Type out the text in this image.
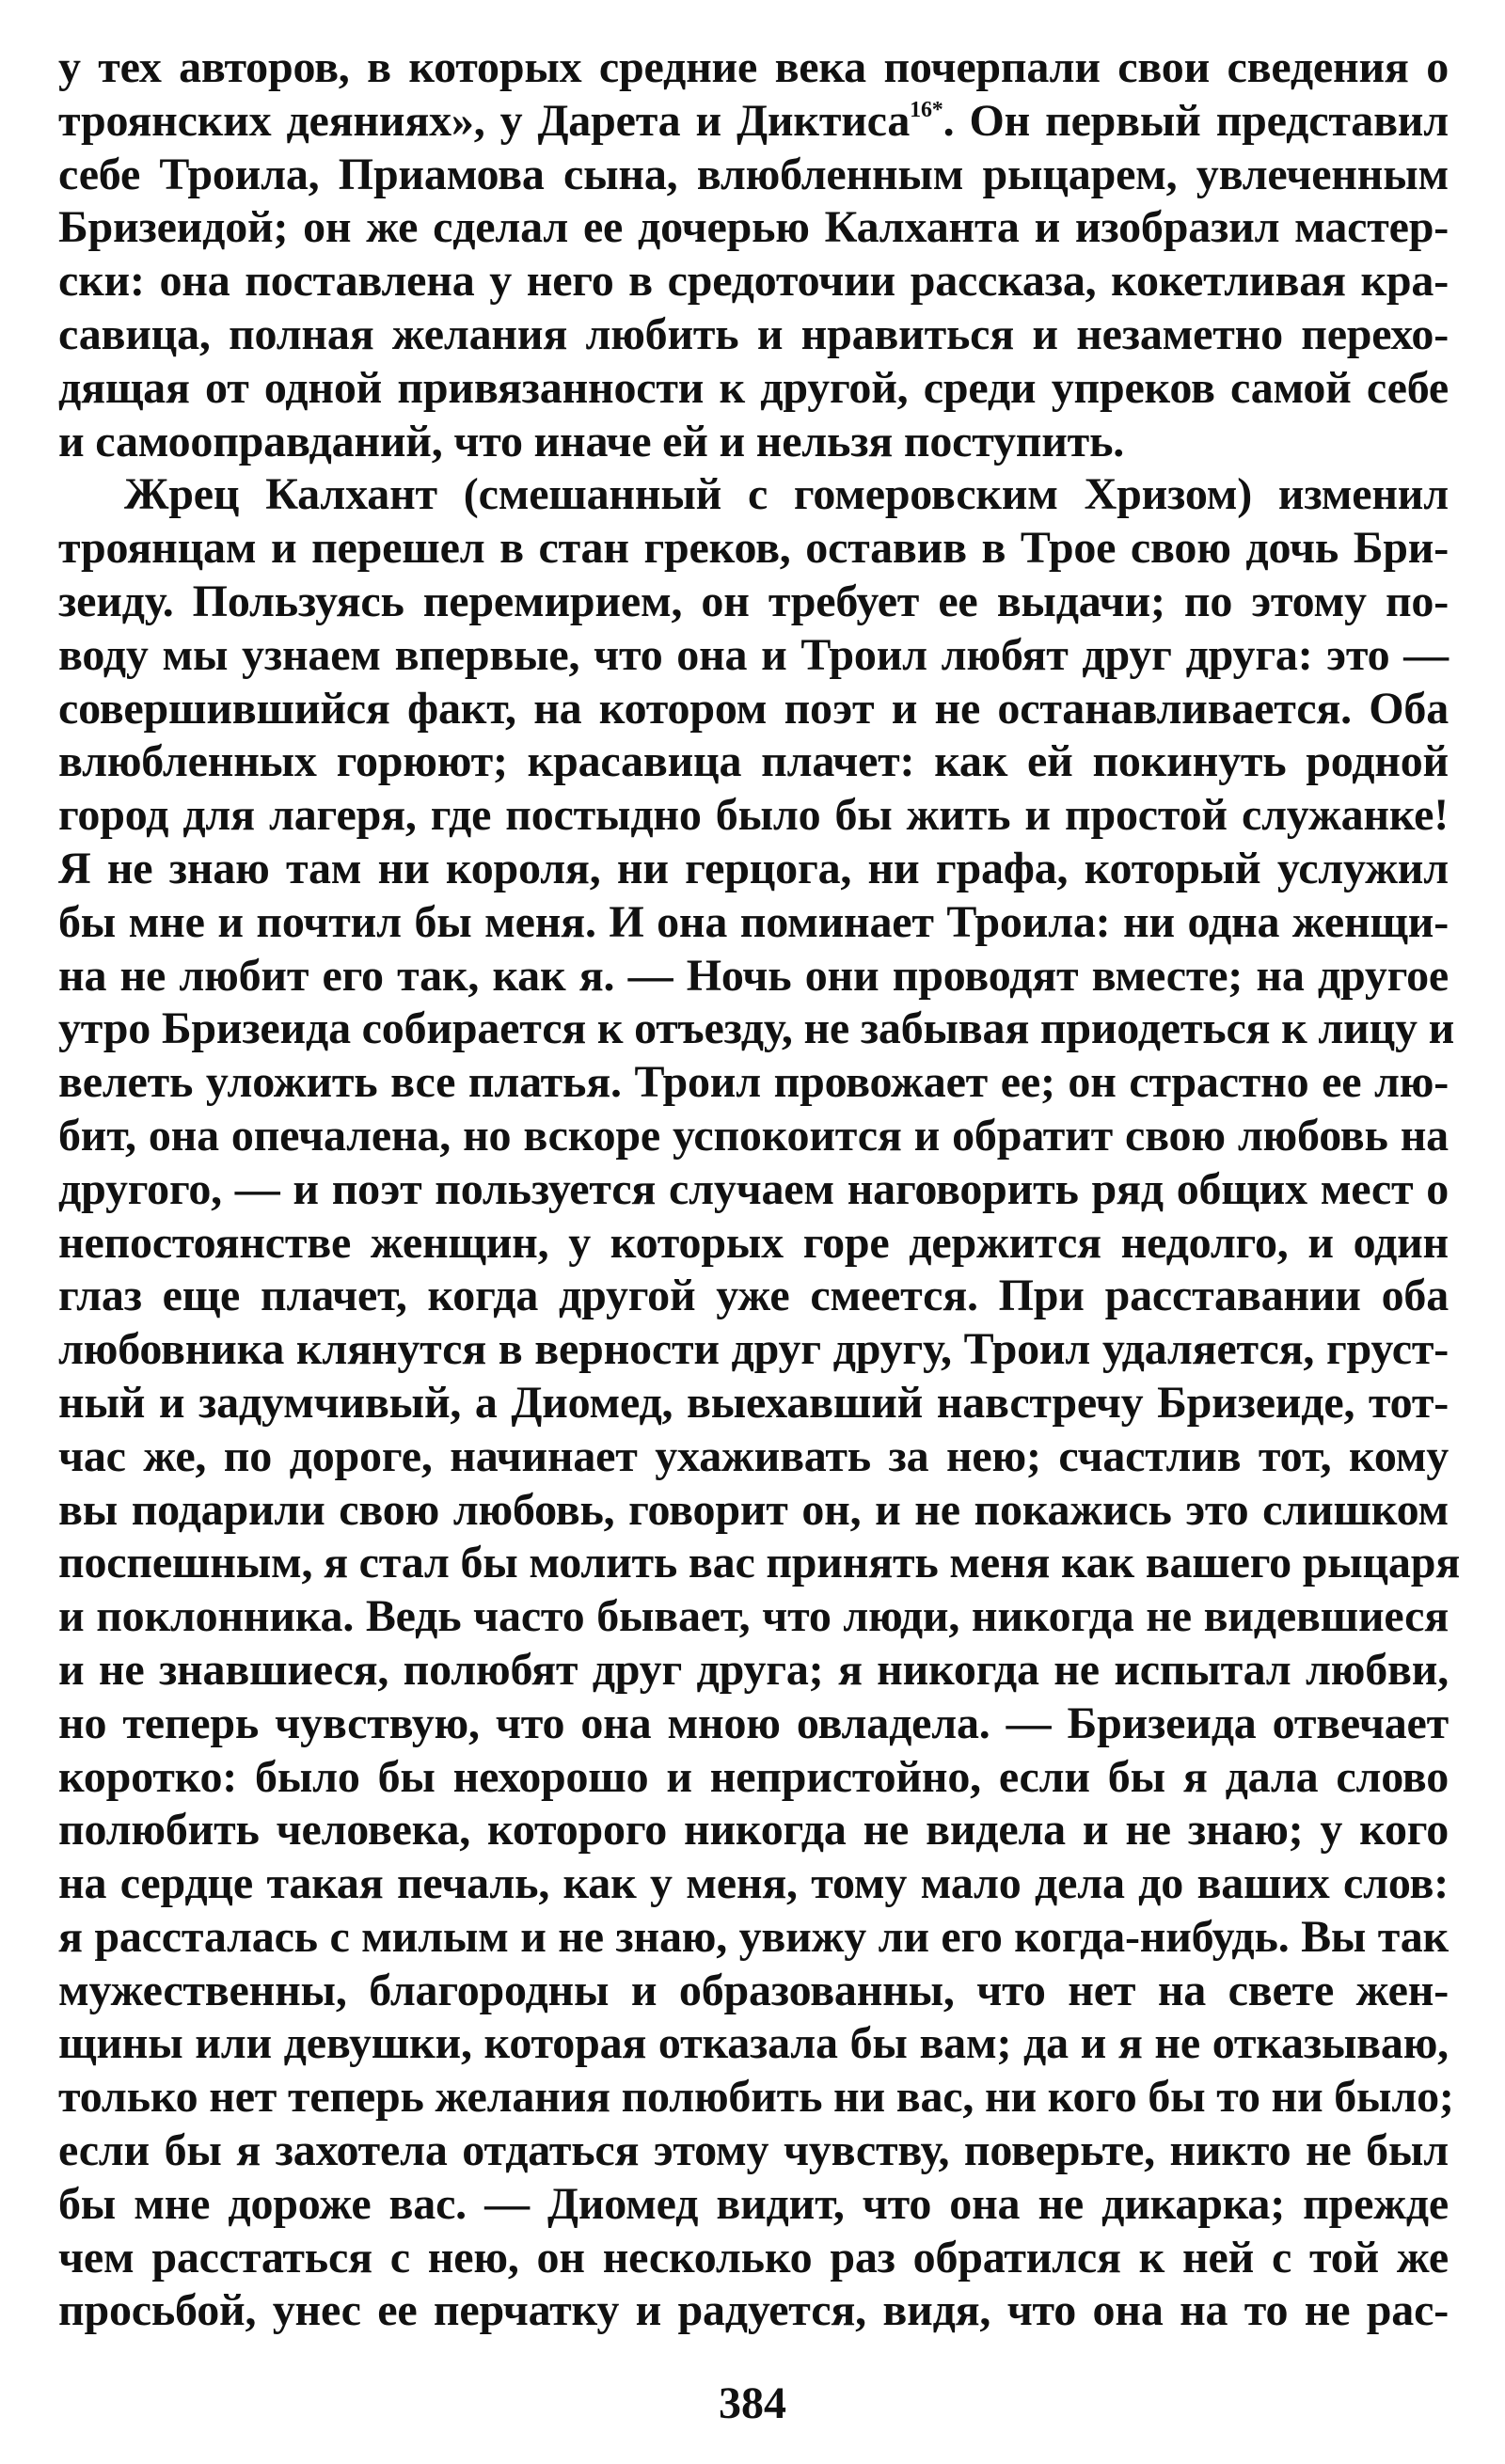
у тех авторов, в которых средние века почерпали свои сведения о
троянских деяниях», у Дарета и Диктиса$^{16*}$. Он первый представил
себе Троила, Приамова сына, влюбленным рыцарем, увлеченным
Бризеидой; он же сделал ее дочерью Калханта и изобразил мастер-
ски: она поставлена у него в средоточии рассказа, кокетливая кра-
савица, полная желания любить и нравиться и незаметно перехо-
дящая от одной привязанности к другой, среди упреков самой себе
и самооправданий, что иначе ей и нельзя поступить.
Жрец Калхант (смешанный с гомеровским Хризом) изменил
троянцам и перешел в стан греков, оставив в Трое свою дочь Бри-
зеиду. Пользуясь перемирием, он требует ее выдачи; по этому по-
воду мы узнаем впервые, что она и Троил любят друг друга: это —
совершившийся факт, на котором поэт и не останавливается. Оба
влюбленных горюют; красавица плачет: как ей покинуть родной
город для лагеря, где постыдно было бы жить и простой служанке!
Я не знаю там ни короля, ни герцога, ни графа, который услужил
бы мне и почтил бы меня. И она поминает Троила: ни одна женщи-
на не любит его так, как я. — Ночь они проводят вместе; на другое
утро Бризеида собирается к отъезду, не забывая приодеться к лицу и
велеть уложить все платья. Троил провожает ее; он страстно ее лю-
бит, она опечалена, но вскоре успокоится и обратит свою любовь на
другого, — и поэт пользуется случаем наговорить ряд общих мест о
непостоянстве женщин, у которых горе держится недолго, и один
глаз еще плачет, когда другой уже смеется. При расставании оба
любовника клянутся в верности друг другу, Троил удаляется, груст-
ный и задумчивый, а Диомед, выехавший навстречу Бризеиде, тот-
час же, по дороге, начинает ухаживать за нею; счастлив тот, кому
вы подарили свою любовь, говорит он, и не покажись это слишком
поспешным, я стал бы молить вас принять меня как вашего рыцаря
и поклонника. Ведь часто бывает, что люди, никогда не видевшиеся
и не знавшиеся, полюбят друг друга; я никогда не испытал любви,
но теперь чувствую, что она мною овладела. — Бризеида отвечает
коротко: было бы нехорошо и непристойно, если бы я дала слово
полюбить человека, которого никогда не видела и не знаю; у кого
на сердце такая печаль, как у меня, тому мало дела до ваших слов:
я рассталась с милым и не знаю, увижу ли его когда-нибудь. Вы так
мужественны, благородны и образованны, что нет на свете жен-
щины или девушки, которая отказала бы вам; да и я не отказываю,
только нет теперь желания полюбить ни вас, ни кого бы то ни было;
если бы я захотела отдаться этому чувству, поверьте, никто не был
бы мне дороже вас. — Диомед видит, что она не дикарка; прежде
чем расстаться с нею, он несколько раз обратился к ней с той же
просьбой, унес ее перчатку и радуется, видя, что она на то не рас-
384
